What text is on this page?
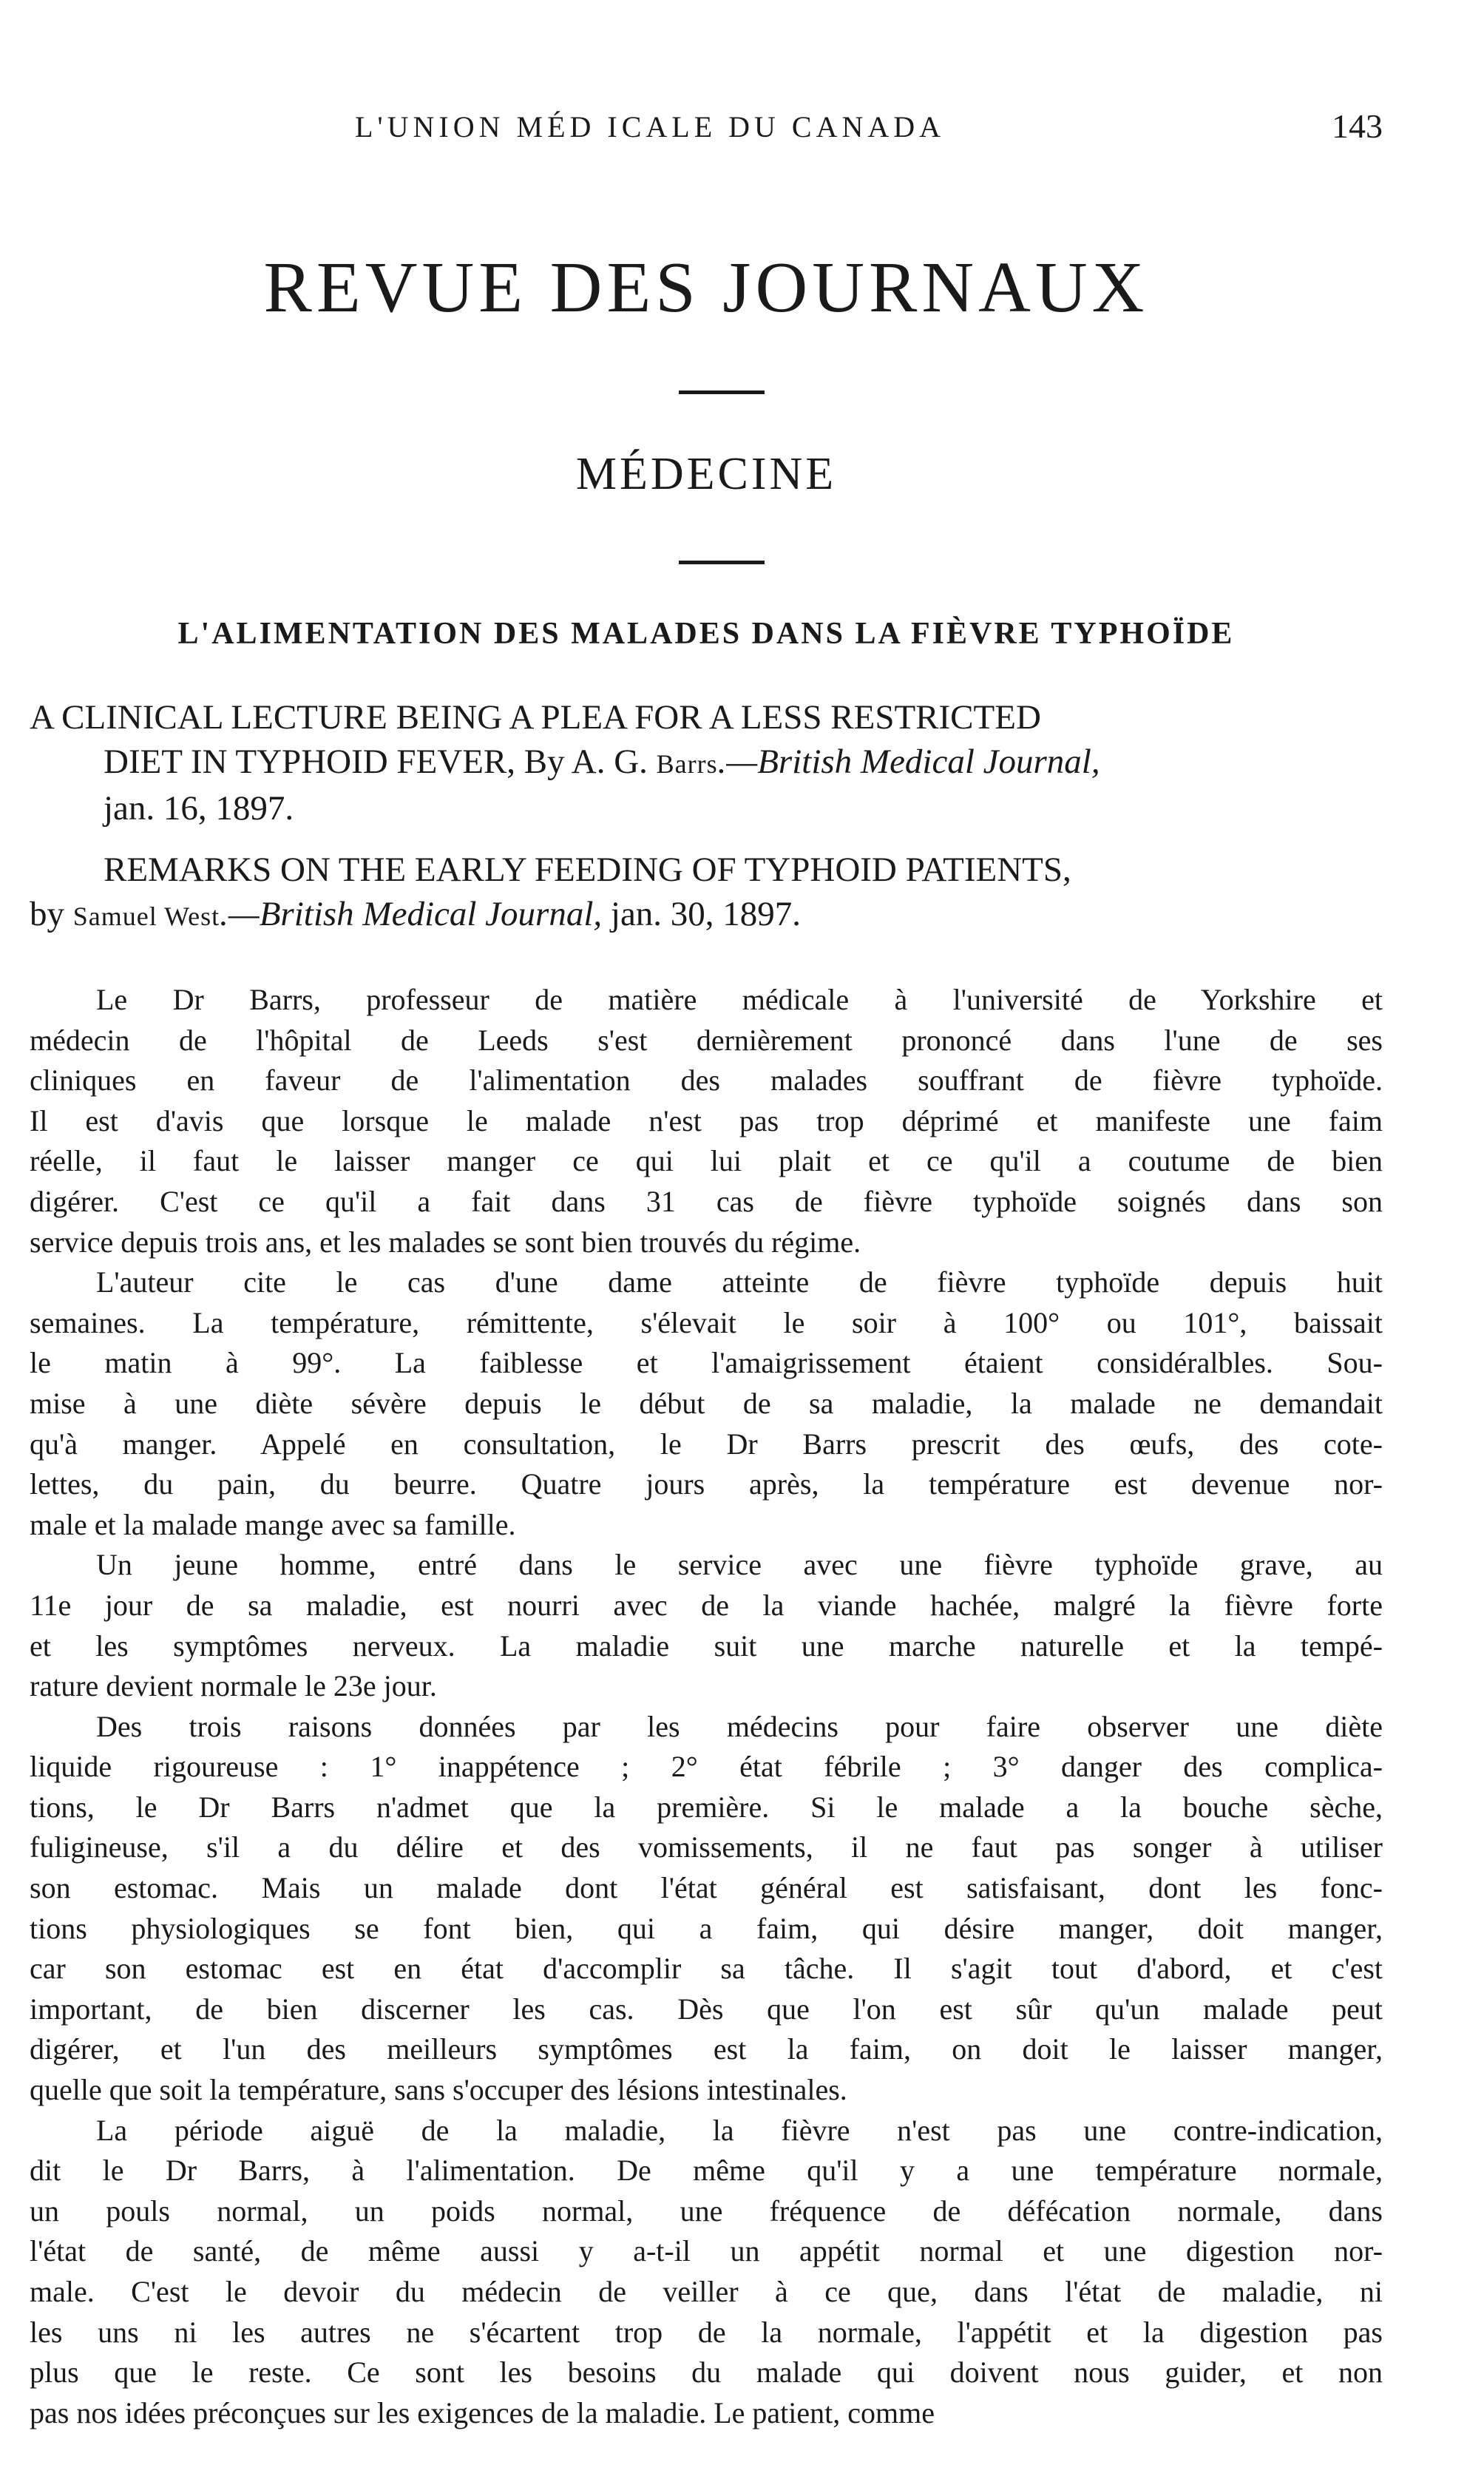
L'UNION MÉD ICALE DU CANADA	143
REVUE DES JOURNAUX
MÉDECINE
L'ALIMENTATION DES MALADES DANS LA FIÈVRE TYPHOÏDE
A CLINICAL LECTURE BEING A PLEA FOR A LESS RESTRICTED
DIET IN TYPHOID FEVER, By A. G. Barrs.—British Medical Journal,
jan. 16, 1897.
REMARKS ON THE EARLY FEEDING OF TYPHOID PATIENTS,
by Samuel West.—British Medical Journal, jan. 30, 1897.
Le Dr Barrs, professeur de matière médicale à l'université de Yorkshire et
médecin de l'hôpital de Leeds s'est dernièrement prononcé dans l'une de ses
cliniques en faveur de l'alimentation des malades souffrant de fièvre typhoïde.
Il est d'avis que lorsque le malade n'est pas trop déprimé et manifeste une faim
réelle, il faut le laisser manger ce qui lui plait et ce qu'il a coutume de bien
digérer. C'est ce qu'il a fait dans 31 cas de fièvre typhoïde soignés dans son
service depuis trois ans, et les malades se sont bien trouvés du régime.
L'auteur cite le cas d'une dame atteinte de fièvre typhoïde depuis huit
semaines. La température, rémittente, s'élevait le soir à 100° ou 101°, baissait
le matin à 99°. La faiblesse et l'amaigrissement étaient considéralbles. Sou-
mise à une diète sévère depuis le début de sa maladie, la malade ne demandait
qu'à manger. Appelé en consultation, le Dr Barrs prescrit des œufs, des cote-
lettes, du pain, du beurre. Quatre jours après, la température est devenue nor-
male et la malade mange avec sa famille.
Un jeune homme, entré dans le service avec une fièvre typhoïde grave, au
11e jour de sa maladie, est nourri avec de la viande hachée, malgré la fièvre forte
et les symptômes nerveux. La maladie suit une marche naturelle et la tempé-
rature devient normale le 23e jour.
Des trois raisons données par les médecins pour faire observer une diète
liquide rigoureuse : 1° inappétence ; 2° état fébrile ; 3° danger des complica-
tions, le Dr Barrs n'admet que la première. Si le malade a la bouche sèche,
fuligineuse, s'il a du délire et des vomissements, il ne faut pas songer à utiliser
son estomac. Mais un malade dont l'état général est satisfaisant, dont les fonc-
tions physiologiques se font bien, qui a faim, qui désire manger, doit manger,
car son estomac est en état d'accomplir sa tâche. Il s'agit tout d'abord, et c'est
important, de bien discerner les cas. Dès que l'on est sûr qu'un malade peut
digérer, et l'un des meilleurs symptômes est la faim, on doit le laisser manger,
quelle que soit la température, sans s'occuper des lésions intestinales.
La période aiguë de la maladie, la fièvre n'est pas une contre-indication,
dit le Dr Barrs, à l'alimentation. De même qu'il y a une température normale,
un pouls normal, un poids normal, une fréquence de défécation normale, dans
l'état de santé, de même aussi y a-t-il un appétit normal et une digestion nor-
male. C'est le devoir du médecin de veiller à ce que, dans l'état de maladie, ni
les uns ni les autres ne s'écartent trop de la normale, l'appétit et la digestion pas
plus que le reste. Ce sont les besoins du malade qui doivent nous guider, et non
pas nos idées préconçues sur les exigences de la maladie. Le patient, comme
